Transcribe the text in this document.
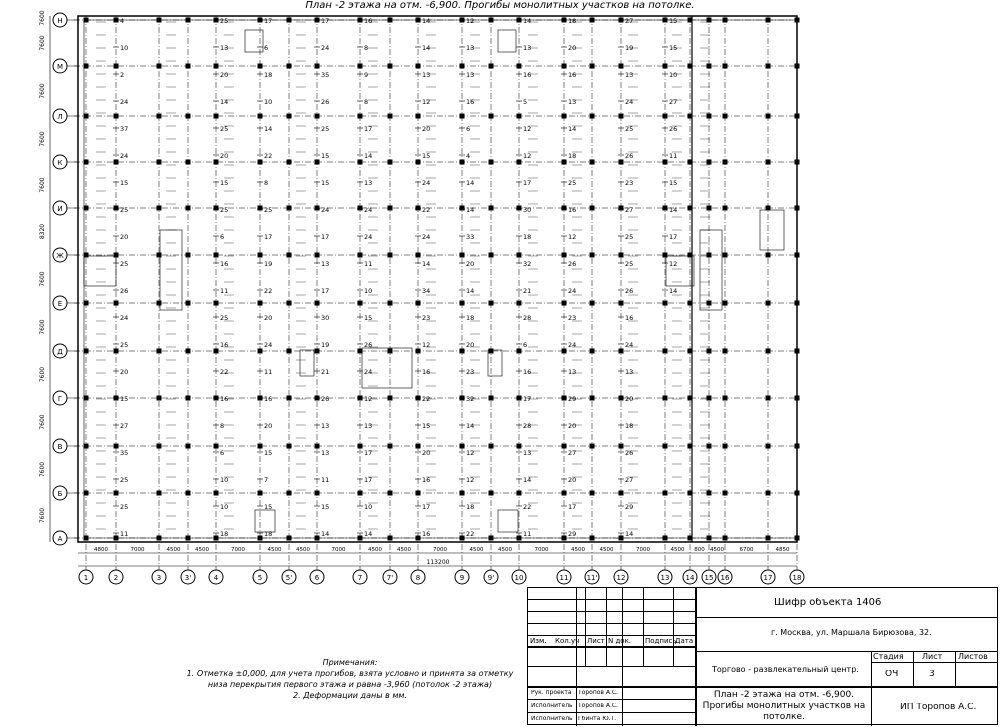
План -2 этажа на отм. -6,900. Прогибы монолитных участков на потолке.
А
Б
В
Г
Д
Е
Ж
И
К
Л
М
Н
7600
7600
7600
7600
7600
7600
8320
7600
7600
7600
7600
7600
1	2	3	3'	4	5	5'	6	7	7'	8	9	9'	10	11	11'	12	13 14 15 16	17	18
4800	7000	4500	4500	7000	4500	4500	7000	4500	4500	7000	4500	4500	7000	4500	4500	7000	4500 800 4500	6700	4850
113200
4
10
2
24
37
24
15
25
20
25
26
24
25
20
15
27
35
25
25
11
25
13
20
14
25
20
15
25
6
16
11
25
16
22
16
8
6
10
10
18
17
6
18
10
14
22
8
25
17
19
22
20
24
11
16
20
15
7
15
18
17
24
35
26
25
15
15
24
17
13
17
30
19
21
26
13
13
11
15
14
16
8
9
8
17
14
13
24
24
11
10
15
26
24
12
13
17
17
10
14
14
14
13
12
20
15
24
22
24
14
34
23
12
16
22
15
20
16
17
16
12
13
13
16
6
4
14
14
33
20
14
18
20
23
32
14
12
12
18
22
14
13
16
5
12
12
17
30
18
32
21
28
6
16
17
28
13
14
22
11
18
20
16
13
14
18
25
16
12
26
24
23
24
13
29
20
27
20
17
29
27
19
13
24
25
26
23
27
25
25
26
16
24
13
20
18
26
27
29
14
15
15
10
27
26
11
15
14
17
12
14
Примечания:
1. Отметка ±0,000, для учета прогибов, взята условно и принята за отметку
низа перекрытия первого этажа и равна -3,960 (потолок -2 этажа)
2. Деформации даны в мм.
Изм. Кол.уч Лист N док. Подпись
Дата
Рук. проекта Торопов А.С.
Исполнитель Торопов А.С.
Исполнитель Гбинта Ю.Т.
Шифр объекта 1406
г. Москва, ул. Маршала Бирюзова, 32.
Торгово - развлекательный центр.
Стадия Лист Листов
ОЧ	3
План -2 этажа на отм. -6,900. Прогибы монолитных участков на потолке.
ИП Торопов А.С.
